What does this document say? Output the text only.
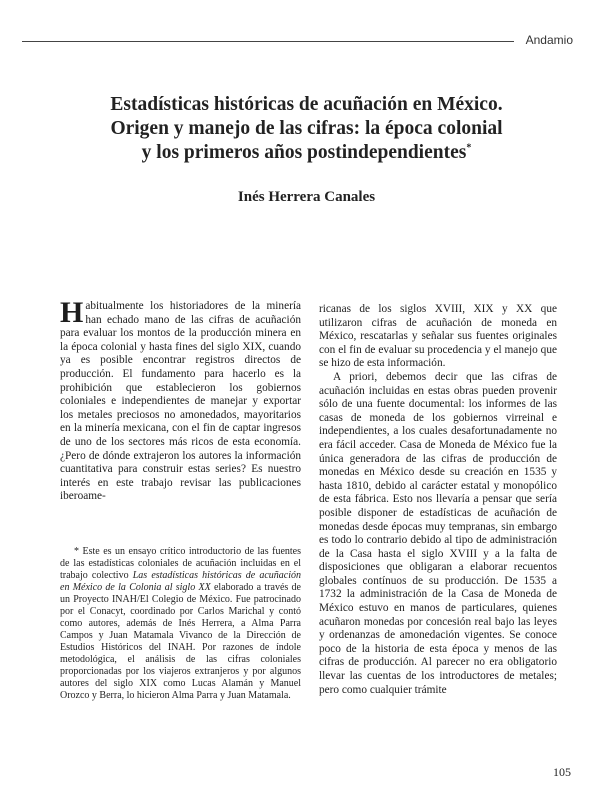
Andamio
Estadísticas históricas de acuñación en México.
Origen y manejo de las cifras: la época colonial
y los primeros años postindependientes*
Inés Herrera Canales

Habitualmente los historiadores de la minería han echado mano de las cifras de acuñación para evaluar los montos de la producción minera en la época colonial y hasta fines del siglo XIX, cuando ya es posible encontrar registros directos de producción. El fundamento para hacerlo es la prohibición que establecieron los gobiernos coloniales e independientes de manejar y exportar los metales preciosos no amonedados, mayoritarios en la minería mexicana, con el fin de captar ingresos de uno de los sectores más ricos de esta economía. ¿Pero de dónde extrajeron los autores la información cuantitativa para construir estas series? Es nuestro interés en este trabajo revisar las publicaciones iberoame-

ricanas de los siglos XVIII, XIX y XX que utilizaron cifras de acuñación de moneda en México, rescatarlas y señalar sus fuentes originales con el fin de evaluar su procedencia y el manejo que se hizo de esta información.

A priori, debemos decir que las cifras de acuñación incluidas en estas obras pueden provenir sólo de una fuente documental: los informes de las casas de moneda de los gobiernos virreinal e independientes, a los cuales desafortunadamente no era fácil acceder. Casa de Moneda de México fue la única generadora de las cifras de producción de monedas en México desde su creación en 1535 y hasta 1810, debido al carácter estatal y monopólico de esta fábrica. Esto nos llevaría a pensar que sería posible disponer de estadísticas de acuñación de monedas desde épocas muy tempranas, sin embargo es todo lo contrario debido al tipo de administración de la Casa hasta el siglo XVIII y a la falta de disposiciones que obligaran a elaborar recuentos globales contínuos de su producción. De 1535 a 1732 la administración de la Casa de Moneda de México estuvo en manos de particulares, quienes acuñaron monedas por concesión real bajo las leyes y ordenanzas de amonedación vigentes. Se conoce poco de la historia de esta época y menos de las cifras de producción. Al parecer no era obligatorio llevar las cuentas de los introductores de metales; pero como cualquier trámite

* Este es un ensayo crítico introductorio de las fuentes de las estadísticas coloniales de acuñación incluidas en el trabajo colectivo Las estadísticas históricas de acuñación en México de la Colonia al siglo XX elaborado a través de un Proyecto INAH/El Colegio de México. Fue patrocinado por el Conacyt, coordinado por Carlos Marichal y contó como autores, además de Inés Herrera, a Alma Parra Campos y Juan Matamala Vivanco de la Dirección de Estudios Históricos del INAH. Por razones de índole metodológica, el análisis de las cifras coloniales proporcionadas por los viajeros extranjeros y por algunos autores del siglo XIX como Lucas Alamán y Manuel Orozco y Berra, lo hicieron Alma Parra y Juan Matamala.
105
